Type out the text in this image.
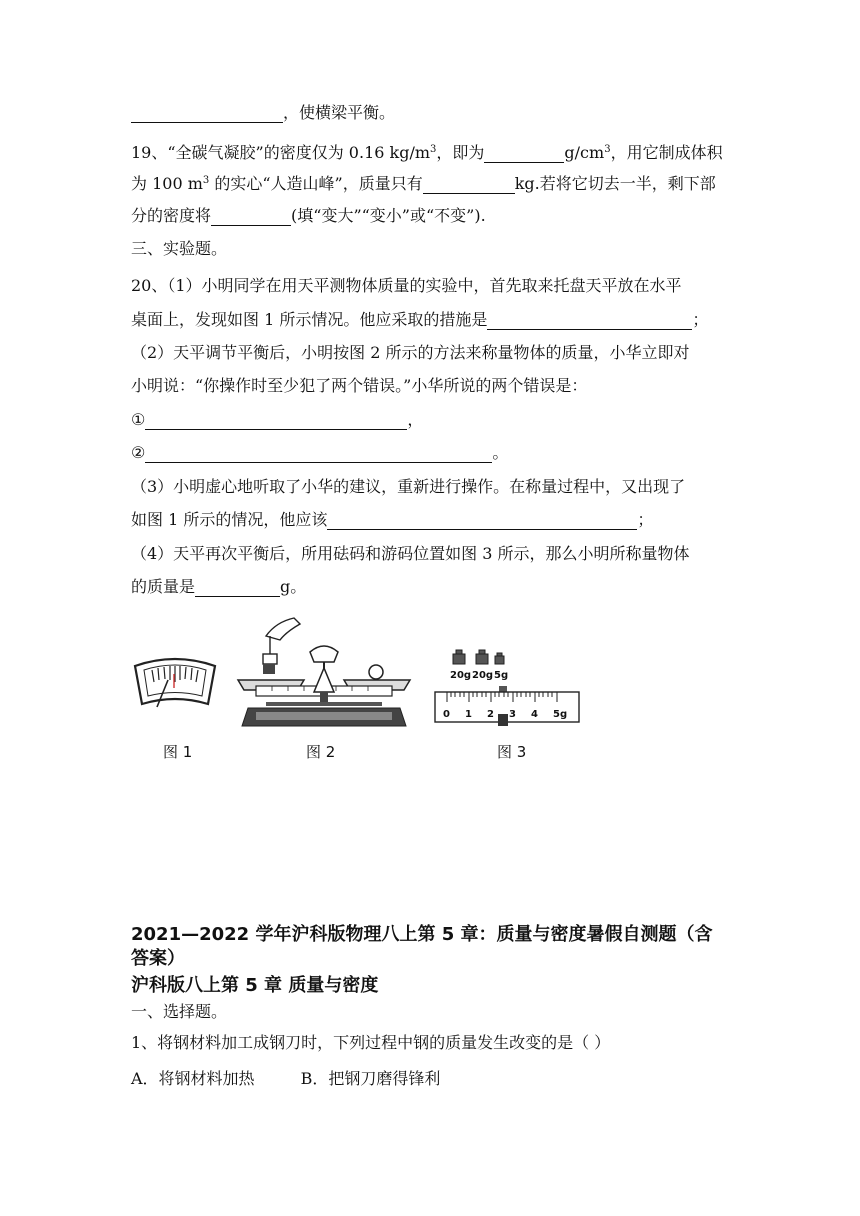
，使横梁平衡。
19、“全碳气凝胶”的密度仅为 0.16 $kg/m^3$，即为	$g/cm^3$，用它制成体积
为 100 $m^3$ 的实心“人造山峰”，质量只有	kg.若将它切去一半，剩下部
分的密度将	(填“变大”“变小”或“不变”).
三、实验题。
20、（1）小明同学在用天平测物体质量的实验中，首先取来托盘天平放在水平
桌面上，发现如图 1 所示情况。他应采取的措施是	；
（2）天平调节平衡后，小明按图 2 所示的方法来称量物体的质量，小华立即对
小明说：“你操作时至少犯了两个错误。”小华所说的两个错误是：
①	，
②	。
（3）小明虚心地听取了小华的建议，重新进行操作。在称量过程中，又出现了
如图 1 所示的情况，他应该	；
（4）天平再次平衡后，所用砝码和游码位置如图 3 所示，那么小明所称量物体
的质量是	g。
图 1	图 2
20g 20g 5g
0 1 2 3 4 5g
图 3
2021—2022 学年沪科版物理八上第 5 章：质量与密度暑假自测题（含
答案）
沪科版八上第 5 章 质量与密度
一、选择题。
1、将钢材料加工成钢刀时，下列过程中钢的质量发生改变的是（ ）
A．将钢材料加热	B．把钢刀磨得锋利
